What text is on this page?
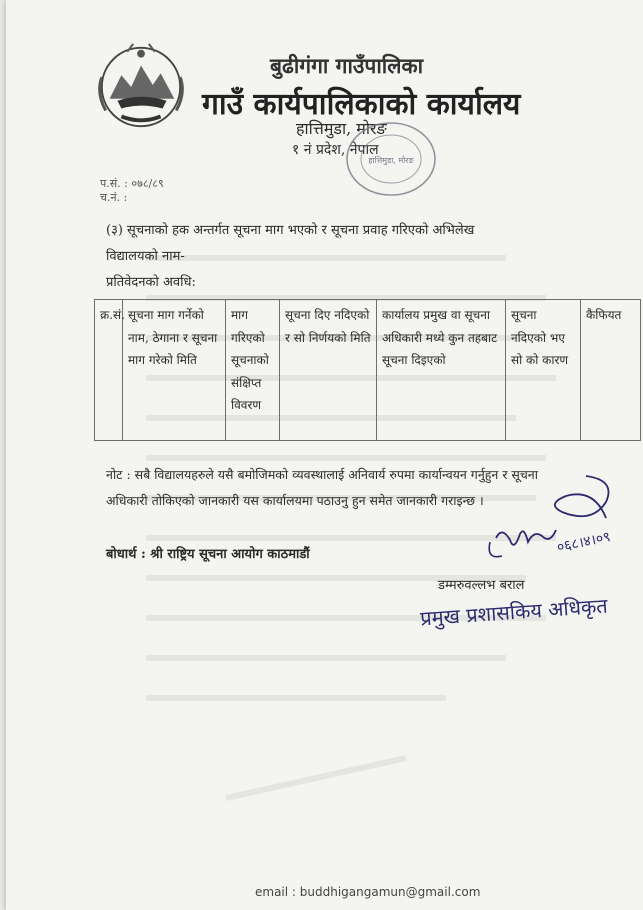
बुढीगंगा गाउँपालिका
गाउँ कार्यपालिकाको कार्यालय
हात्तिमुडा, मोरङ
१ नं प्रदेश, नेपाल
हात्तिमुडा, मोरङ
प.सं. : ०७८/८९
च.नं. :
(३) सूचनाको हक अन्तर्गत सूचना माग भएको र सूचना प्रवाह गरिएको अभिलेख
विद्यालयको नाम-
प्रतिवेदनको अवधि:
क्र.सं.	सूचना माग गर्नेको नाम, ठेगाना र सूचना माग गरेको मिति	माग गरिएको सूचनाको संक्षिप्त विवरण	सूचना दिए नदिएको र सो निर्णयको मिति	कार्यालय प्रमुख वा सूचना अधिकारी मध्ये कुन तहबाट सूचना दिइएको	सूचना नदिएको भए सो को कारण	कैफियत
नोट : सबै विद्यालयहरुले यसै बमोजिमको व्यवस्थालाई अनिवार्य रुपमा कार्यान्वयन गर्नुहुन र सूचना अधिकारी तोकिएको जानकारी यस कार्यालयमा पठाउनु हुन समेत जानकारी गराइन्छ ।
बोधार्थ : श्री राष्ट्रिय सूचना आयोग काठमाडौं	०६८।४।०९
डम्मरुवल्लभ बराल
प्रमुख प्रशासकिय अधिकृत
email : buddhigangamun@gmail.com
